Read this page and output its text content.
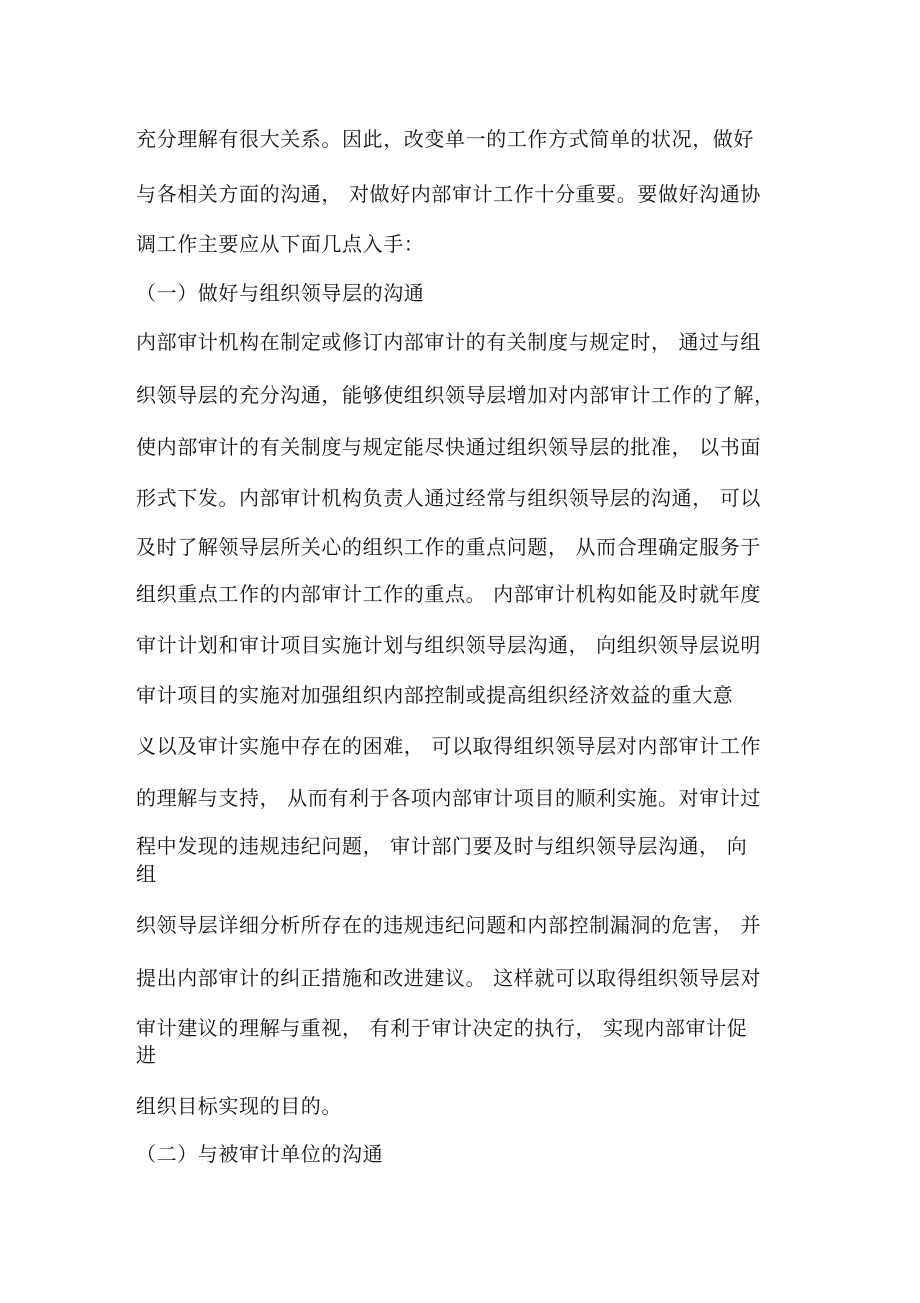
充分理解有很大关系。因此，改变单一的工作方式简单的状况，做好
与各相关方面的沟通， 对做好内部审计工作十分重要。要做好沟通协
调工作主要应从下面几点入手：
（一）做好与组织领导层的沟通
内部审计机构在制定或修订内部审计的有关制度与规定时， 通过与组
织领导层的充分沟通，能够使组织领导层增加对内部审计工作的了解，
使内部审计的有关制度与规定能尽快通过组织领导层的批准， 以书面
形式下发。内部审计机构负责人通过经常与组织领导层的沟通， 可以
及时了解领导层所关心的组织工作的重点问题， 从而合理确定服务于
组织重点工作的内部审计工作的重点。 内部审计机构如能及时就年度
审计计划和审计项目实施计划与组织领导层沟通， 向组织领导层说明
审计项目的实施对加强组织内部控制或提高组织经济效益的重大意
义以及审计实施中存在的困难， 可以取得组织领导层对内部审计工作
的理解与支持， 从而有利于各项内部审计项目的顺利实施。对审计过
程中发现的违规违纪问题， 审计部门要及时与组织领导层沟通， 向
组
织领导层详细分析所存在的违规违纪问题和内部控制漏洞的危害， 并
提出内部审计的纠正措施和改进建议。 这样就可以取得组织领导层对
审计建议的理解与重视， 有利于审计决定的执行， 实现内部审计促
进
组织目标实现的目的。
（二）与被审计单位的沟通
